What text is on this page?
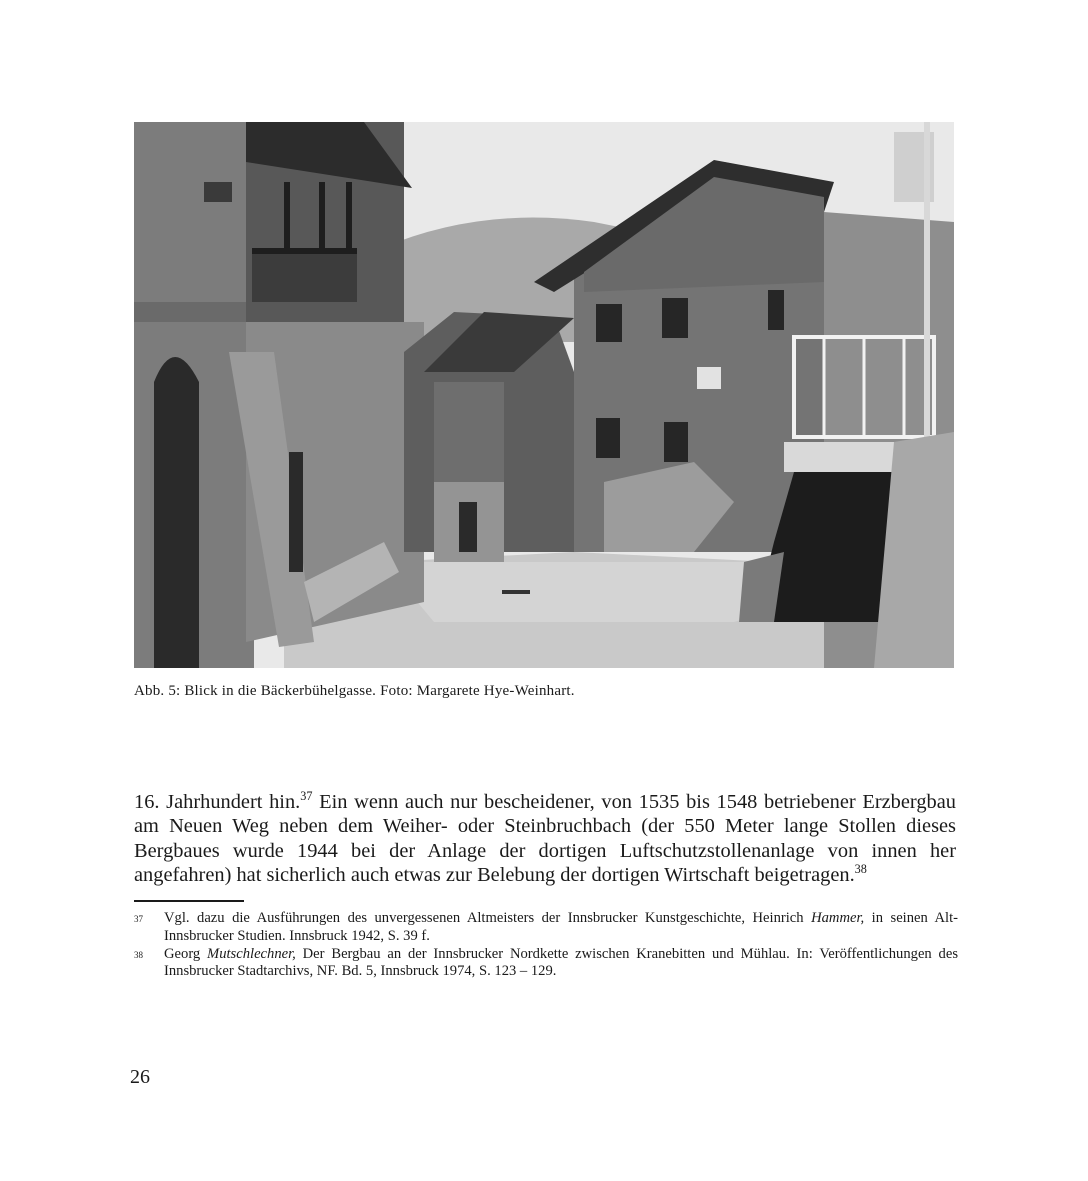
Abb. 5: Blick in die Bäckerbühelgasse. Foto: Margarete Hye-Weinhart.

16. Jahrhundert hin.$^{37}$ Ein wenn auch nur bescheidener, von 1535 bis 1548 betriebener Erzbergbau am Neuen Weg neben dem Weiher- oder Steinbruchbach (der 550 Meter lange Stollen dieses Bergbaues wurde 1944 bei der Anlage der dortigen Luftschutzstollenanlage von innen her angefahren) hat sicherlich auch etwas zur Belebung der dortigen Wirtschaft beigetragen.$^{38}$

37	Vgl. dazu die Ausführungen des unvergessenen Altmeisters der Innsbrucker Kunstgeschichte, Heinrich Hammer, in seinen Alt-Innsbrucker Studien. Innsbruck 1942, S. 39 f.
38	Georg Mutschlechner, Der Bergbau an der Innsbrucker Nordkette zwischen Kranebitten und Mühlau. In: Veröffentlichungen des Innsbrucker Stadtarchivs, NF. Bd. 5, Innsbruck 1974, S. 123 – 129.
26
